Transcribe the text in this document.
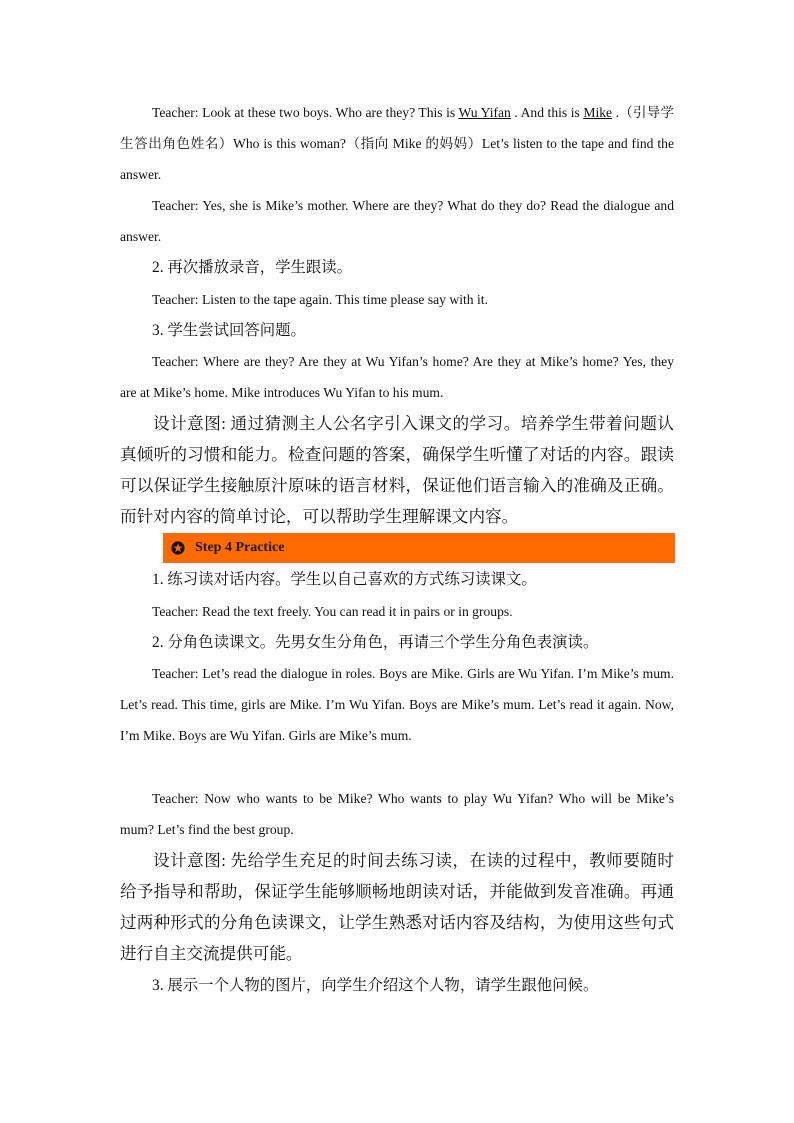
Teacher: Look at these two boys. Who are they? This is Wu Yifan . And this is Mike .（引导学生答出角色姓名）Who is this woman?（指向 Mike 的妈妈）Let’s listen to the tape and find the answer.

Teacher: Yes, she is Mike’s mother. Where are they? What do they do? Read the dialogue and answer.

2. 再次播放录音，学生跟读。

Teacher: Listen to the tape again. This time please say with it.

3. 学生尝试回答问题。

Teacher: Where are they? Are they at Wu Yifan’s home? Are they at Mike’s home? Yes, they are at Mike’s home. Mike introduces Wu Yifan to his mum.

设计意图: 通过猜测主人公名字引入课文的学习。培养学生带着问题认真倾听的习惯和能力。检查问题的答案，确保学生听懂了对话的内容。跟读可以保证学生接触原汁原味的语言材料，保证他们语言输入的准确及正确。而针对内容的简单讨论，可以帮助学生理解课文内容。

Step 4 Practice

1. 练习读对话内容。学生以自己喜欢的方式练习读课文。

Teacher: Read the text freely. You can read it in pairs or in groups.

2. 分角色读课文。先男女生分角色，再请三个学生分角色表演读。

Teacher: Let’s read the dialogue in roles. Boys are Mike. Girls are Wu Yifan. I’m Mike’s mum. Let’s read. This time, girls are Mike. I’m Wu Yifan. Boys are Mike’s mum. Let’s read it again. Now, I’m Mike. Boys are Wu Yifan. Girls are Mike’s mum.

Teacher: Now who wants to be Mike? Who wants to play Wu Yifan? Who will be Mike’s mum? Let’s find the best group.

设计意图: 先给学生充足的时间去练习读，在读的过程中，教师要随时给予指导和帮助，保证学生能够顺畅地朗读对话，并能做到发音准确。再通过两种形式的分角色读课文，让学生熟悉对话内容及结构，为使用这些句式进行自主交流提供可能。

3. 展示一个人物的图片，向学生介绍这个人物，请学生跟他问候。
